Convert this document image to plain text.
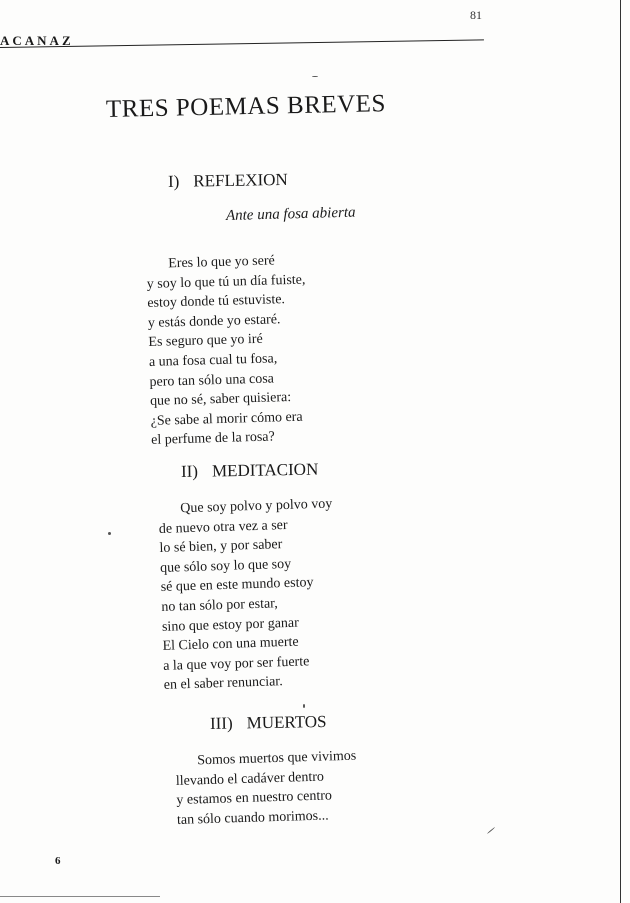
81
ACANAZ
TRES POEMAS BREVES
I) REFLEXION
Ante una fosa abierta
Eres lo que yo seré
y soy lo que tú un día fuiste,
estoy donde tú estuviste.
y estás donde yo estaré.
Es seguro que yo iré
a una fosa cual tu fosa,
pero tan sólo una cosa
que no sé, saber quisiera:
¿Se sabe al morir cómo era
el perfume de la rosa?
II) MEDITACION
Que soy polvo y polvo voy
de nuevo otra vez a ser
lo sé bien, y por saber
que sólo soy lo que soy
sé que en este mundo estoy
no tan sólo por estar,
sino que estoy por ganar
El Cielo con una muerte
a la que voy por ser fuerte
en el saber renunciar.
III) MUERTOS
Somos muertos que vivimos
llevando el cadáver dentro
y estamos en nuestro centro
tan sólo cuando morimos...
6
